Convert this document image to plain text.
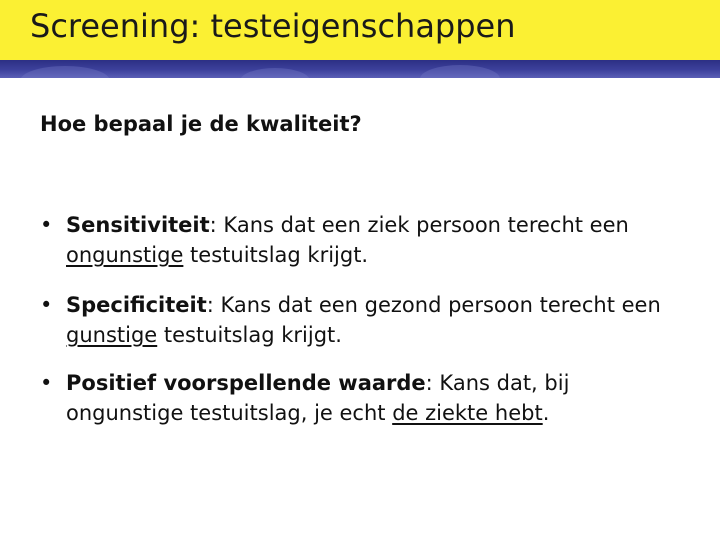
Screening: testeigenschappen
Hoe bepaal je de kwaliteit?
• Sensitiviteit: Kans dat een ziek persoon terecht een ongunstige testuitslag krijgt.
• Specificiteit: Kans dat een gezond persoon terecht een gunstige testuitslag krijgt.
• Positief voorspellende waarde: Kans dat, bij ongunstige testuitslag, je echt de ziekte hebt.
